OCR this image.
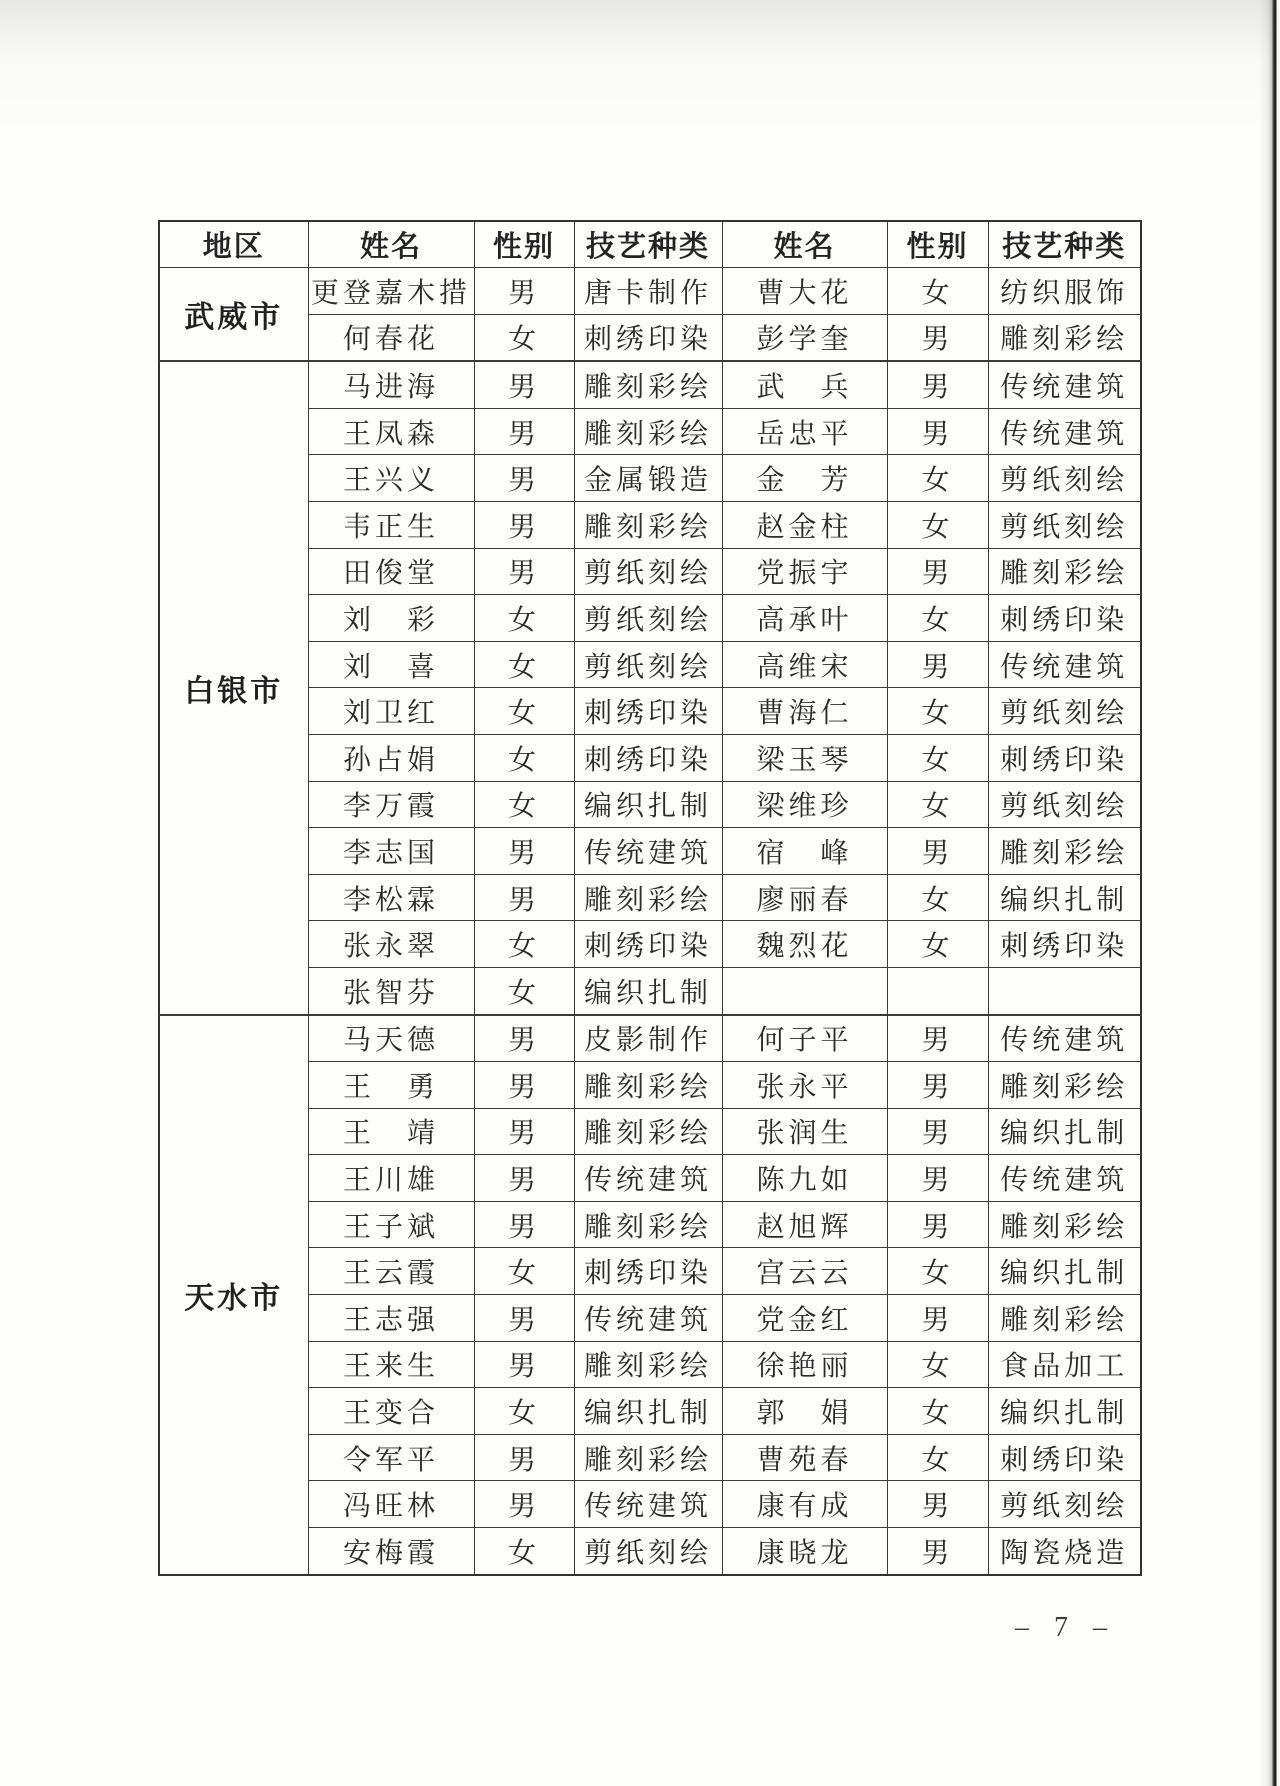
地区	姓名	性别	技艺种类	姓名	性别	技艺种类
武威市	更登嘉木措	男	唐卡制作	曹大花	女	纺织服饰
	何春花	女	刺绣印染	彭学奎	男	雕刻彩绘
白银市	马进海	男	雕刻彩绘	武　兵	男	传统建筑
	王凤森	男	雕刻彩绘	岳忠平	男	传统建筑
	王兴义	男	金属锻造	金　芳	女	剪纸刻绘
	韦正生	男	雕刻彩绘	赵金柱	女	剪纸刻绘
	田俊堂	男	剪纸刻绘	党振宇	男	雕刻彩绘
	刘　彩	女	剪纸刻绘	高承叶	女	刺绣印染
	刘　喜	女	剪纸刻绘	高维宋	男	传统建筑
	刘卫红	女	刺绣印染	曹海仁	女	剪纸刻绘
	孙占娟	女	刺绣印染	梁玉琴	女	刺绣印染
	李万霞	女	编织扎制	梁维珍	女	剪纸刻绘
	李志国	男	传统建筑	宿　峰	男	雕刻彩绘
	李松霖	男	雕刻彩绘	廖丽春	女	编织扎制
	张永翠	女	刺绣印染	魏烈花	女	刺绣印染
	张智芬	女	编织扎制			
天水市	马天德	男	皮影制作	何子平	男	传统建筑
	王　勇	男	雕刻彩绘	张永平	男	雕刻彩绘
	王　靖	男	雕刻彩绘	张润生	男	编织扎制
	王川雄	男	传统建筑	陈九如	男	传统建筑
	王子斌	男	雕刻彩绘	赵旭辉	男	雕刻彩绘
	王云霞	女	刺绣印染	宫云云	女	编织扎制
	王志强	男	传统建筑	党金红	男	雕刻彩绘
	王来生	男	雕刻彩绘	徐艳丽	女	食品加工
	王变合	女	编织扎制	郭　娟	女	编织扎制
	令军平	男	雕刻彩绘	曹苑春	女	刺绣印染
	冯旺林	男	传统建筑	康有成	男	剪纸刻绘
	安梅霞	女	剪纸刻绘	康晓龙	男	陶瓷烧造
– 7 –
